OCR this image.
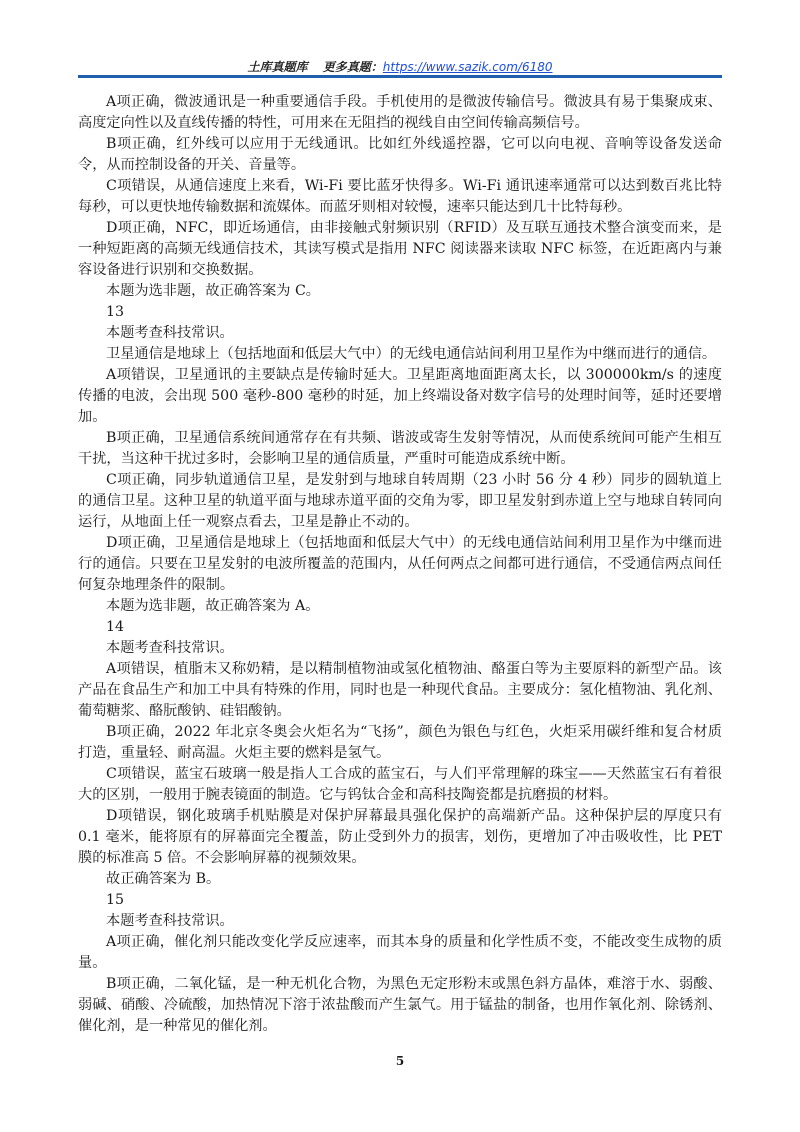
土库真题库 更多真题：https://www.sazik.com/6180

A项正确，微波通讯是一种重要通信手段。手机使用的是微波传输信号。微波具有易于集聚成束、高度定向性以及直线传播的特性，可用来在无阻挡的视线自由空间传输高频信号。

B项正确，红外线可以应用于无线通讯。比如红外线遥控器，它可以向电视、音响等设备发送命令，从而控制设备的开关、音量等。

C项错误，从通信速度上来看，Wi-Fi 要比蓝牙快得多。Wi-Fi 通讯速率通常可以达到数百兆比特每秒，可以更快地传输数据和流媒体。而蓝牙则相对较慢，速率只能达到几十比特每秒。

D项正确，NFC，即近场通信，由非接触式射频识别（RFID）及互联互通技术整合演变而来，是一种短距离的高频无线通信技术，其读写模式是指用 NFC 阅读器来读取 NFC 标签，在近距离内与兼容设备进行识别和交换数据。

本题为选非题，故正确答案为 C。

13

本题考查科技常识。

卫星通信是地球上（包括地面和低层大气中）的无线电通信站间利用卫星作为中继而进行的通信。

A项错误，卫星通讯的主要缺点是传输时延大。卫星距离地面距离太长，以 300000km/s 的速度传播的电波，会出现 500 毫秒-800 毫秒的时延，加上终端设备对数字信号的处理时间等，延时还要增加。

B项正确，卫星通信系统间通常存在有共频、谐波或寄生发射等情况，从而使系统间可能产生相互干扰，当这种干扰过多时，会影响卫星的通信质量，严重时可能造成系统中断。

C项正确，同步轨道通信卫星，是发射到与地球自转周期（23 小时 56 分 4 秒）同步的圆轨道上的通信卫星。这种卫星的轨道平面与地球赤道平面的交角为零，即卫星发射到赤道上空与地球自转同向运行，从地面上任一观察点看去，卫星是静止不动的。

D项正确，卫星通信是地球上（包括地面和低层大气中）的无线电通信站间利用卫星作为中继而进行的通信。只要在卫星发射的电波所覆盖的范围内，从任何两点之间都可进行通信，不受通信两点间任何复杂地理条件的限制。

本题为选非题，故正确答案为 A。

14

本题考查科技常识。

A项错误，植脂末又称奶精，是以精制植物油或氢化植物油、酪蛋白等为主要原料的新型产品。该产品在食品生产和加工中具有特殊的作用，同时也是一种现代食品。主要成分：氢化植物油、乳化剂、葡萄糖浆、酪朊酸钠、硅铝酸钠。

B项正确，2022 年北京冬奥会火炬名为“飞扬”，颜色为银色与红色，火炬采用碳纤维和复合材质打造，重量轻、耐高温。火炬主要的燃料是氢气。

C项错误，蓝宝石玻璃一般是指人工合成的蓝宝石，与人们平常理解的珠宝——天然蓝宝石有着很大的区别，一般用于腕表镜面的制造。它与钨钛合金和高科技陶瓷都是抗磨损的材料。

D项错误，钢化玻璃手机贴膜是对保护屏幕最具强化保护的高端新产品。这种保护层的厚度只有 0.1 毫米，能将原有的屏幕面完全覆盖，防止受到外力的损害，划伤，更增加了冲击吸收性，比 PET 膜的标准高 5 倍。不会影响屏幕的视频效果。

故正确答案为 B。

15

本题考查科技常识。

A项正确，催化剂只能改变化学反应速率，而其本身的质量和化学性质不变，不能改变生成物的质量。

B项正确，二氧化锰，是一种无机化合物，为黑色无定形粉末或黑色斜方晶体，难溶于水、弱酸、弱碱、硝酸、冷硫酸，加热情况下溶于浓盐酸而产生氯气。用于锰盐的制备，也用作氧化剂、除锈剂、催化剂，是一种常见的催化剂。

5
